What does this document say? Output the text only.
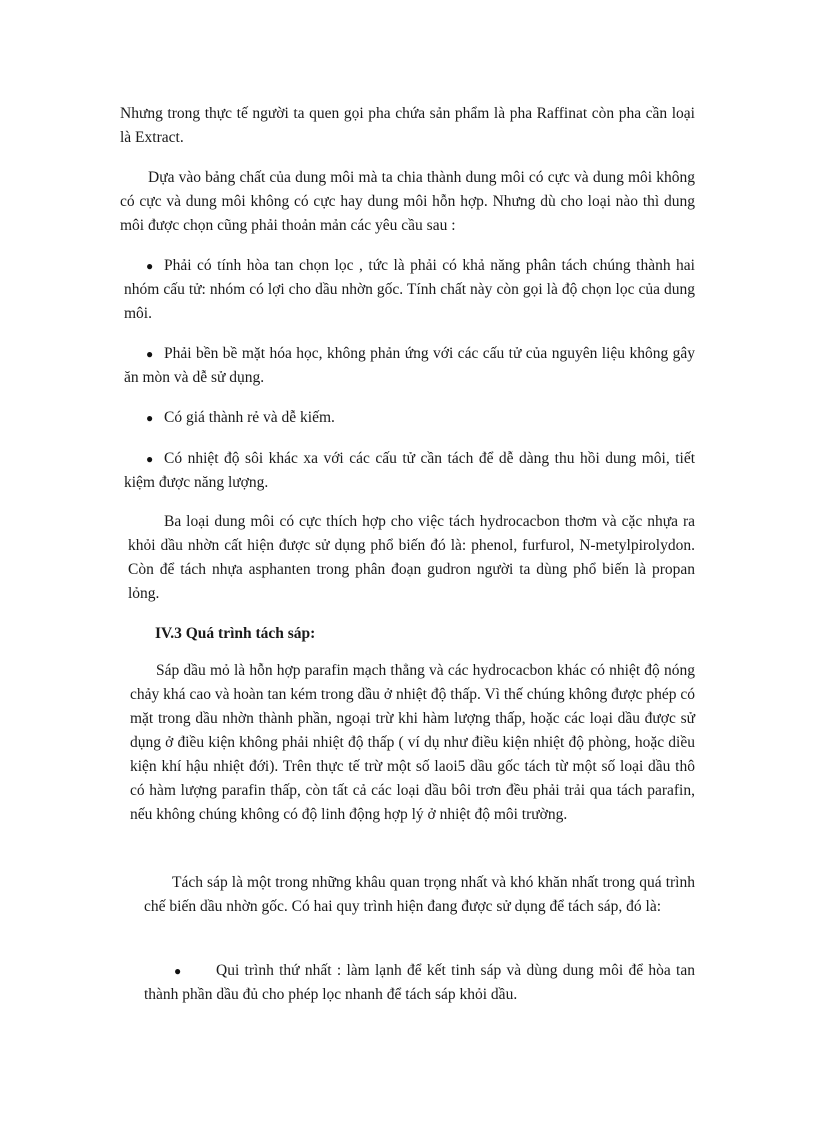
Nhưng trong thực tế người ta quen gọi pha chứa sản phẩm là pha Raffinat còn pha cần loại là Extract.

Dựa vào bảng chất của dung môi mà ta chia thành dung môi có cực và dung môi không có cực và dung môi không có cực hay dung môi hỗn hợp. Nhưng dù cho loại nào thì dung môi được chọn cũng phải thoản mản các yêu cầu sau :

● Phải có tính hòa tan chọn lọc , tức là phải có khả năng phân tách chúng thành hai nhóm cấu tử: nhóm có lợi cho dầu nhờn gốc. Tính chất này còn gọi là độ chọn lọc của dung môi.
● Phải bền bề mặt hóa học, không phản ứng với các cấu tử của nguyên liệu không gây ăn mòn và dễ sử dụng.
● Có giá thành rẻ và dễ kiếm.
● Có nhiệt độ sôi khác xa với các cấu tử cần tách để dễ dàng thu hồi dung môi, tiết kiệm được năng lượng.

Ba loại dung môi có cực thích hợp cho việc tách hydrocacbon thơm và cặc nhựa ra khỏi dầu nhờn cất hiện được sử dụng phổ biến đó là: phenol, furfurol, N-metylpirolydon. Còn để tách nhựa asphanten trong phân đoạn gudron người ta dùng phổ biến là propan lỏng.

IV.3 Quá trình tách sáp:

Sáp dầu mỏ là hỗn hợp parafin mạch thẳng và các hydrocacbon khác có nhiệt độ nóng chảy khá cao và hoàn tan kém trong dầu ở nhiệt độ thấp. Vì thế chúng không được phép có mặt trong dầu nhờn thành phần, ngoại trừ khi hàm lượng thấp, hoặc các loại dầu được sử dụng ở điều kiện không phải nhiệt độ thấp ( ví dụ như điều kiện nhiệt độ phòng, hoặc diều kiện khí hậu nhiệt đới). Trên thực tế trừ một số laoi5 dầu gốc tách từ một số loại dầu thô có hàm lượng parafin thấp, còn tất cả các loại dầu bôi trơn đều phải trải qua tách parafin, nếu không chúng không có độ linh động hợp lý ở nhiệt độ môi trường.

Tách sáp là một trong những khâu quan trọng nhất và khó khăn nhất trong quá trình chế biến dầu nhờn gốc. Có hai quy trình hiện đang được sử dụng để tách sáp, đó là:

●	Qui trình thứ nhất : làm lạnh để kết tinh sáp và dùng dung môi để hòa tan thành phần dầu đủ cho phép lọc nhanh để tách sáp khỏi dầu.
